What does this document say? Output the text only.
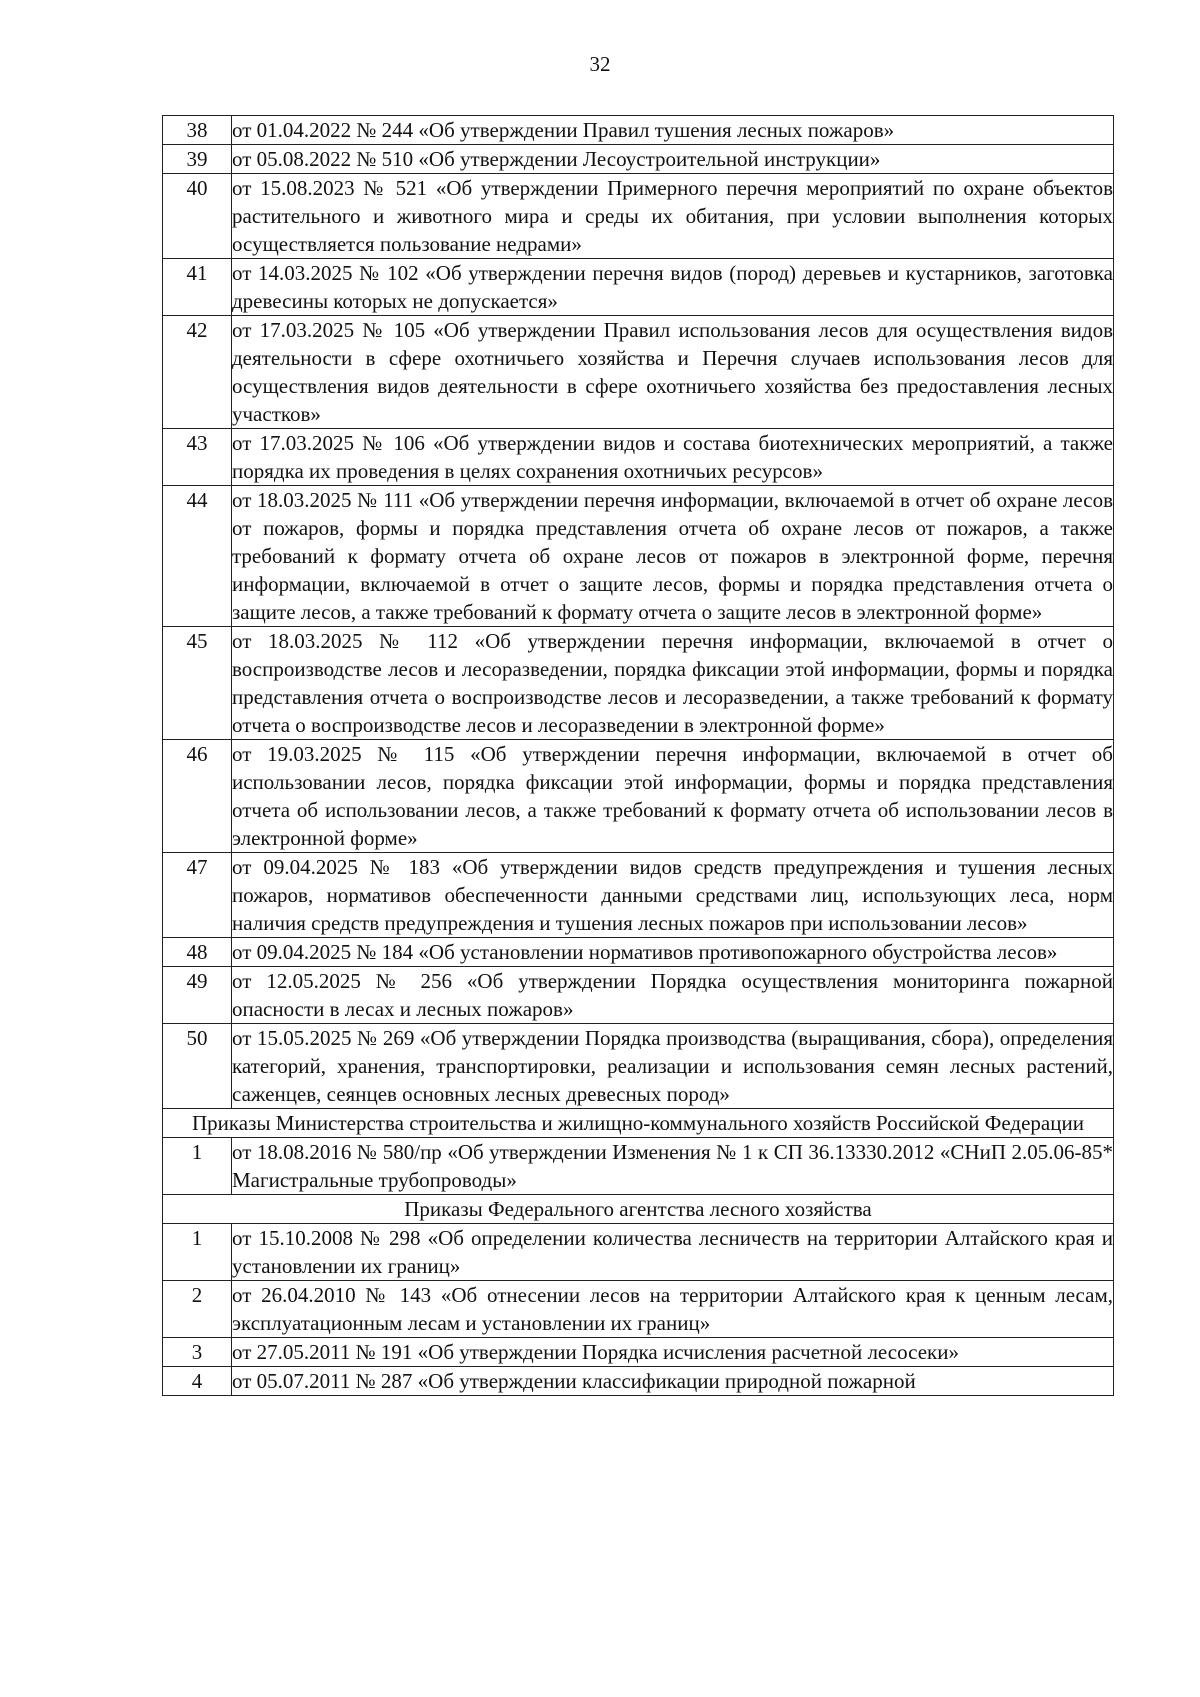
32
38	от 01.04.2022 № 244 «Об утверждении Правил тушения лесных пожаров»
39	от 05.08.2022 № 510 «Об утверждении Лесоустроительной инструкции»
40	от 15.08.2023 № 521 «Об утверждении Примерного перечня мероприятий по охране объектов растительного и животного мира и среды их обитания, при условии выполнения которых осуществляется пользование недрами»
41	от 14.03.2025 № 102 «Об утверждении перечня видов (пород) деревьев и кустарников, заготовка древесины которых не допускается»
42	от 17.03.2025 № 105 «Об утверждении Правил использования лесов для осуществления видов деятельности в сфере охотничьего хозяйства и Перечня случаев использования лесов для осуществления видов деятельности в сфере охотничьего хозяйства без предоставления лесных участков»
43	от 17.03.2025 № 106 «Об утверждении видов и состава биотехнических мероприятий, а также порядка их проведения в целях сохранения охотничьих ресурсов»
44	от 18.03.2025 № 111 «Об утверждении перечня информации, включаемой в отчет об охране лесов от пожаров, формы и порядка представления отчета об охране лесов от пожаров, а также требований к формату отчета об охране лесов от пожаров в электронной форме, перечня информации, включаемой в отчет о защите лесов, формы и порядка представления отчета о защите лесов, а также требований к формату отчета о защите лесов в электронной форме»
45	от 18.03.2025 № 112 «Об утверждении перечня информации, включаемой в отчет о воспроизводстве лесов и лесоразведении, порядка фиксации этой информации, формы и порядка представления отчета о воспроизводстве лесов и лесоразведении, а также требований к формату отчета о воспроизводстве лесов и лесоразведении в электронной форме»
46	от 19.03.2025 № 115 «Об утверждении перечня информации, включаемой в отчет об использовании лесов, порядка фиксации этой информации, формы и порядка представления отчета об использовании лесов, а также требований к формату отчета об использовании лесов в электронной форме»
47	от 09.04.2025 № 183 «Об утверждении видов средств предупреждения и тушения лесных пожаров, нормативов обеспеченности данными средствами лиц, использующих леса, норм наличия средств предупреждения и тушения лесных пожаров при использовании лесов»
48	от 09.04.2025 № 184 «Об установлении нормативов противопожарного обустройства лесов»
49	от 12.05.2025 № 256 «Об утверждении Порядка осуществления мониторинга пожарной опасности в лесах и лесных пожаров»
50	от 15.05.2025 № 269 «Об утверждении Порядка производства (выращивания, сбора), определения категорий, хранения, транспортировки, реализации и использования семян лесных растений, саженцев, сеянцев основных лесных древесных пород»
Приказы Министерства строительства и жилищно-коммунального хозяйств Российской Федерации	
1	от 18.08.2016 № 580/пр «Об утверждении Изменения № 1 к СП 36.13330.2012 «СНиП 2.05.06-85* Магистральные трубопроводы»
Приказы Федерального агентства лесного хозяйства	
1	от 15.10.2008 № 298 «Об определении количества лесничеств на территории Алтайского края и установлении их границ»
2	от 26.04.2010 № 143 «Об отнесении лесов на территории Алтайского края к ценным лесам, эксплуатационным лесам и установлении их границ»
3	от 27.05.2011 № 191 «Об утверждении Порядка исчисления расчетной лесосеки»
4	от 05.07.2011 № 287 «Об утверждении классификации природной пожарной
